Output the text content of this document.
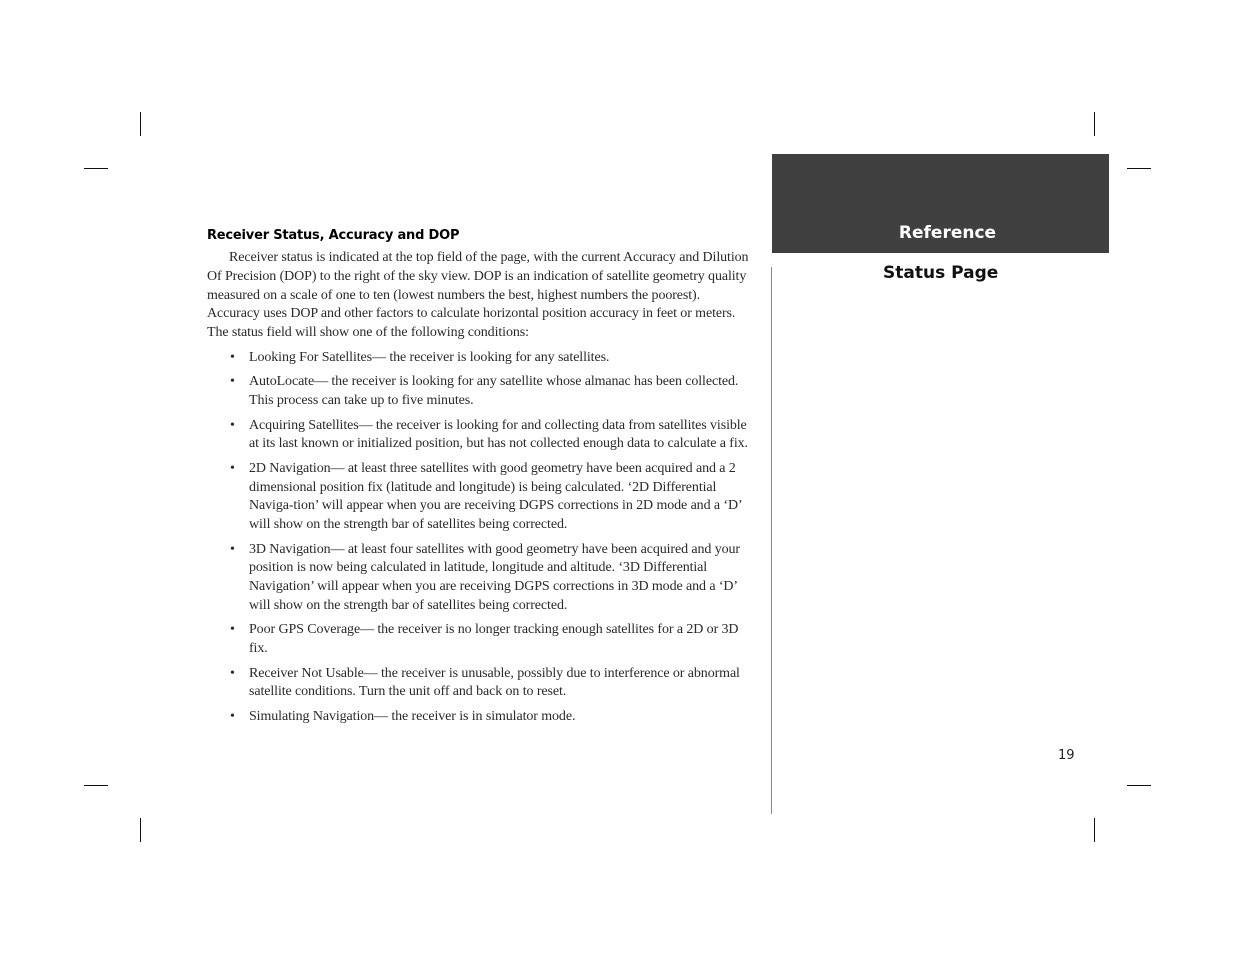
Receiver Status, Accuracy and DOP

Receiver status is indicated at the top field of the page, with the current Accuracy and Dilution Of Precision (DOP) to the right of the sky view. DOP is an indication of satellite geometry quality measured on a scale of one to ten (lowest numbers the best, highest numbers the poorest). Accuracy uses DOP and other factors to calculate horizontal position accuracy in feet or meters. The status field will show one of the following conditions:

• Looking For Satellites— the receiver is looking for any satellites.
• AutoLocate— the receiver is looking for any satellite whose almanac has been collected. This process can take up to five minutes.
• Acquiring Satellites— the receiver is looking for and collecting data from satellites visible at its last known or initialized position, but has not collected enough data to calculate a fix.
• 2D Navigation— at least three satellites with good geometry have been acquired and a 2 dimensional position fix (latitude and longitude) is being calculated. ‘2D Differential Naviga-tion’ will appear when you are receiving DGPS corrections in 2D mode and a ‘D’ will show on the strength bar of satellites being corrected.
• 3D Navigation— at least four satellites with good geometry have been acquired and your position is now being calculated in latitude, longitude and altitude. ‘3D Differential Navigation’ will appear when you are receiving DGPS corrections in 3D mode and a ‘D’ will show on the strength bar of satellites being corrected.
• Poor GPS Coverage— the receiver is no longer tracking enough satellites for a 2D or 3D fix.
• Receiver Not Usable— the receiver is unusable, possibly due to interference or abnormal satellite conditions. Turn the unit off and back on to reset.
• Simulating Navigation— the receiver is in simulator mode.
Reference
Status Page
19
